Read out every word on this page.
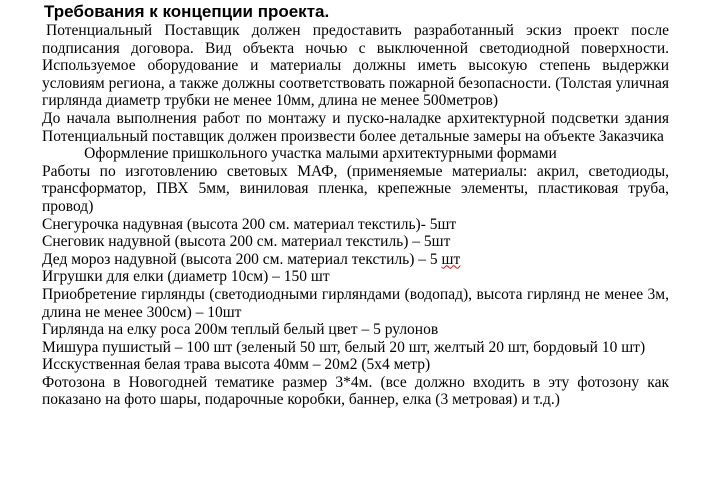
Требования к концепции проекта.

Потенциальный Поставщик должен предоставить разработанный эскиз проект после подписания договора. Вид объекта ночью с выключенной светодиодной поверхности. Используемое оборудование и материалы должны иметь высокую степень выдержки условиям региона, а также должны соответствовать пожарной безопасности. (Толстая уличная гирлянда диаметр трубки не менее 10мм, длина не менее 500метров)

До начала выполнения работ по монтажу и пуско-наладке архитектурной подсветки здания Потенциальный поставщик должен произвести более детальные замеры на объекте Заказчика

Оформление пришкольного участка малыми архитектурными формами

Работы по изготовлению световых МАФ, (применяемые материалы: акрил, светодиоды, трансформатор, ПВХ 5мм, виниловая пленка, крепежные элементы, пластиковая труба, провод)

Снегурочка надувная (высота 200 см. материал текстиль)- 5шт

Снеговик надувной (высота 200 см. материал текстиль) – 5шт

Дед мороз надувной (высота 200 см. материал текстиль) – 5 шт

Игрушки для елки (диаметр 10см) – 150 шт

Приобретение гирлянды (светодиодными гирляндами (водопад), высота гирлянд не менее 3м, длина не менее 300см) – 10шт

Гирлянда на елку роса 200м теплый белый цвет – 5 рулонов

Мишура пушистый – 100 шт (зеленый 50 шт, белый 20 шт, желтый 20 шт, бордовый 10 шт)

Исскуственная белая трава высота 40мм – 20м2 (5х4 метр)

Фотозона в Новогодней тематике размер 3*4м. (все должно входить в эту фотозону как показано на фото шары, подарочные коробки, баннер, елка (3 метровая) и т.д.)
